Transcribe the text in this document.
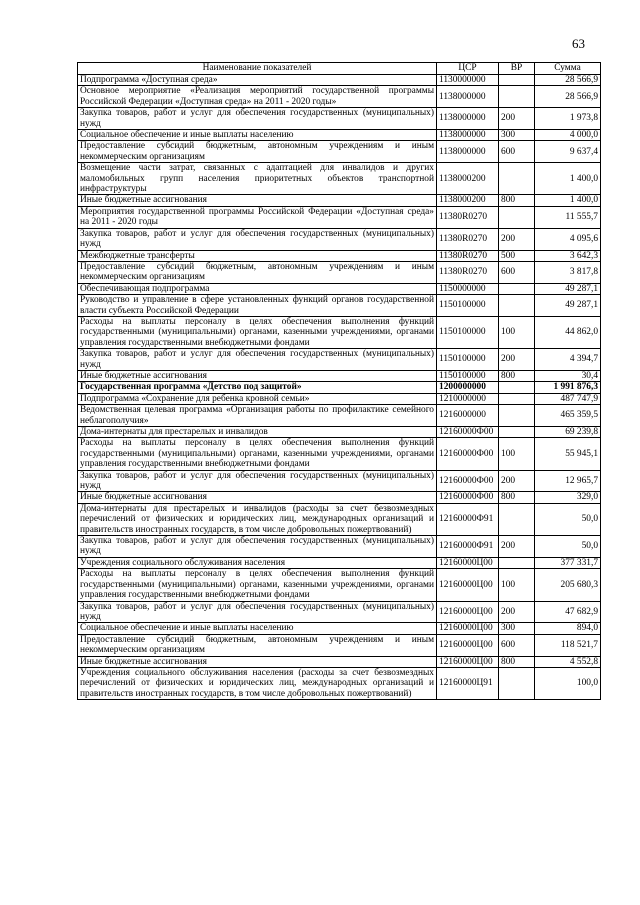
63
Наименование показателей	ЦСР	ВР	Сумма
Подпрограмма «Доступная среда»	1130000000		28 566,9
Основное мероприятие «Реализация мероприятий государственной программы Российской Федерации «Доступная среда» на 2011 - 2020 годы»	1138000000		28 566,9
Закупка товаров, работ и услуг для обеспечения государственных (муниципальных) нужд	1138000000	200	1 973,8
Социальное обеспечение и иные выплаты населению	1138000000	300	4 000,0
Предоставление субсидий бюджетным, автономным учреждениям и иным некоммерческим организациям	1138000000	600	9 637,4
Возмещение части затрат, связанных с адаптацией для инвалидов и других маломобильных групп населения приоритетных объектов транспортной инфраструктуры	1138000200		1 400,0
Иные бюджетные ассигнования	1138000200	800	1 400,0
Мероприятия государственной программы Российской Федерации «Доступная среда» на 2011 - 2020 годы	11380R0270		11 555,7
Закупка товаров, работ и услуг для обеспечения государственных (муниципальных) нужд	11380R0270	200	4 095,6
Межбюджетные трансферты	11380R0270	500	3 642,3
Предоставление субсидий бюджетным, автономным учреждениям и иным некоммерческим организациям	11380R0270	600	3 817,8
Обеспечивающая подпрограмма	1150000000		49 287,1
Руководство и управление в сфере установленных функций органов государственной власти субъекта Российской Федерации	1150100000		49 287,1
Расходы на выплаты персоналу в целях обеспечения выполнения функций государственными (муниципальными) органами, казенными учреждениями, органами управления государственными внебюджетными фондами	1150100000	100	44 862,0
Закупка товаров, работ и услуг для обеспечения государственных (муниципальных) нужд	1150100000	200	4 394,7
Иные бюджетные ассигнования	1150100000	800	30,4
Государственная программа «Детство под защитой»	1200000000		1 991 876,3
Подпрограмма «Сохранение для ребенка кровной семьи»	1210000000		487 747,9
Ведомственная целевая программа «Организация работы по профилактике семейного неблагополучия»	1216000000		465 359,5
Дома-интернаты для престарелых и инвалидов	12160000Ф00		69 239,8
Расходы на выплаты персоналу в целях обеспечения выполнения функций государственными (муниципальными) органами, казенными учреждениями, органами управления государственными внебюджетными фондами	12160000Ф00	100	55 945,1
Закупка товаров, работ и услуг для обеспечения государственных (муниципальных) нужд	12160000Ф00	200	12 965,7
Иные бюджетные ассигнования	12160000Ф00	800	329,0
Дома-интернаты для престарелых и инвалидов (расходы за счет безвозмездных перечислений от физических и юридических лиц, международных организаций и правительств иностранных государств, в том числе добровольных пожертвований)	12160000Ф91		50,0
Закупка товаров, работ и услуг для обеспечения государственных (муниципальных) нужд	12160000Ф91	200	50,0
Учреждения социального обслуживания населения	12160000Ц00		377 331,7
Расходы на выплаты персоналу в целях обеспечения выполнения функций государственными (муниципальными) органами, казенными учреждениями, органами управления государственными внебюджетными фондами	12160000Ц00	100	205 680,3
Закупка товаров, работ и услуг для обеспечения государственных (муниципальных) нужд	12160000Ц00	200	47 682,9
Социальное обеспечение и иные выплаты населению	12160000Ц00	300	894,0
Предоставление субсидий бюджетным, автономным учреждениям и иным некоммерческим организациям	12160000Ц00	600	118 521,7
Иные бюджетные ассигнования	12160000Ц00	800	4 552,8
Учреждения социального обслуживания населения (расходы за счет безвозмездных перечислений от физических и юридических лиц, международных организаций и правительств иностранных государств, в том числе добровольных пожертвований)	12160000Ц91		100,0
